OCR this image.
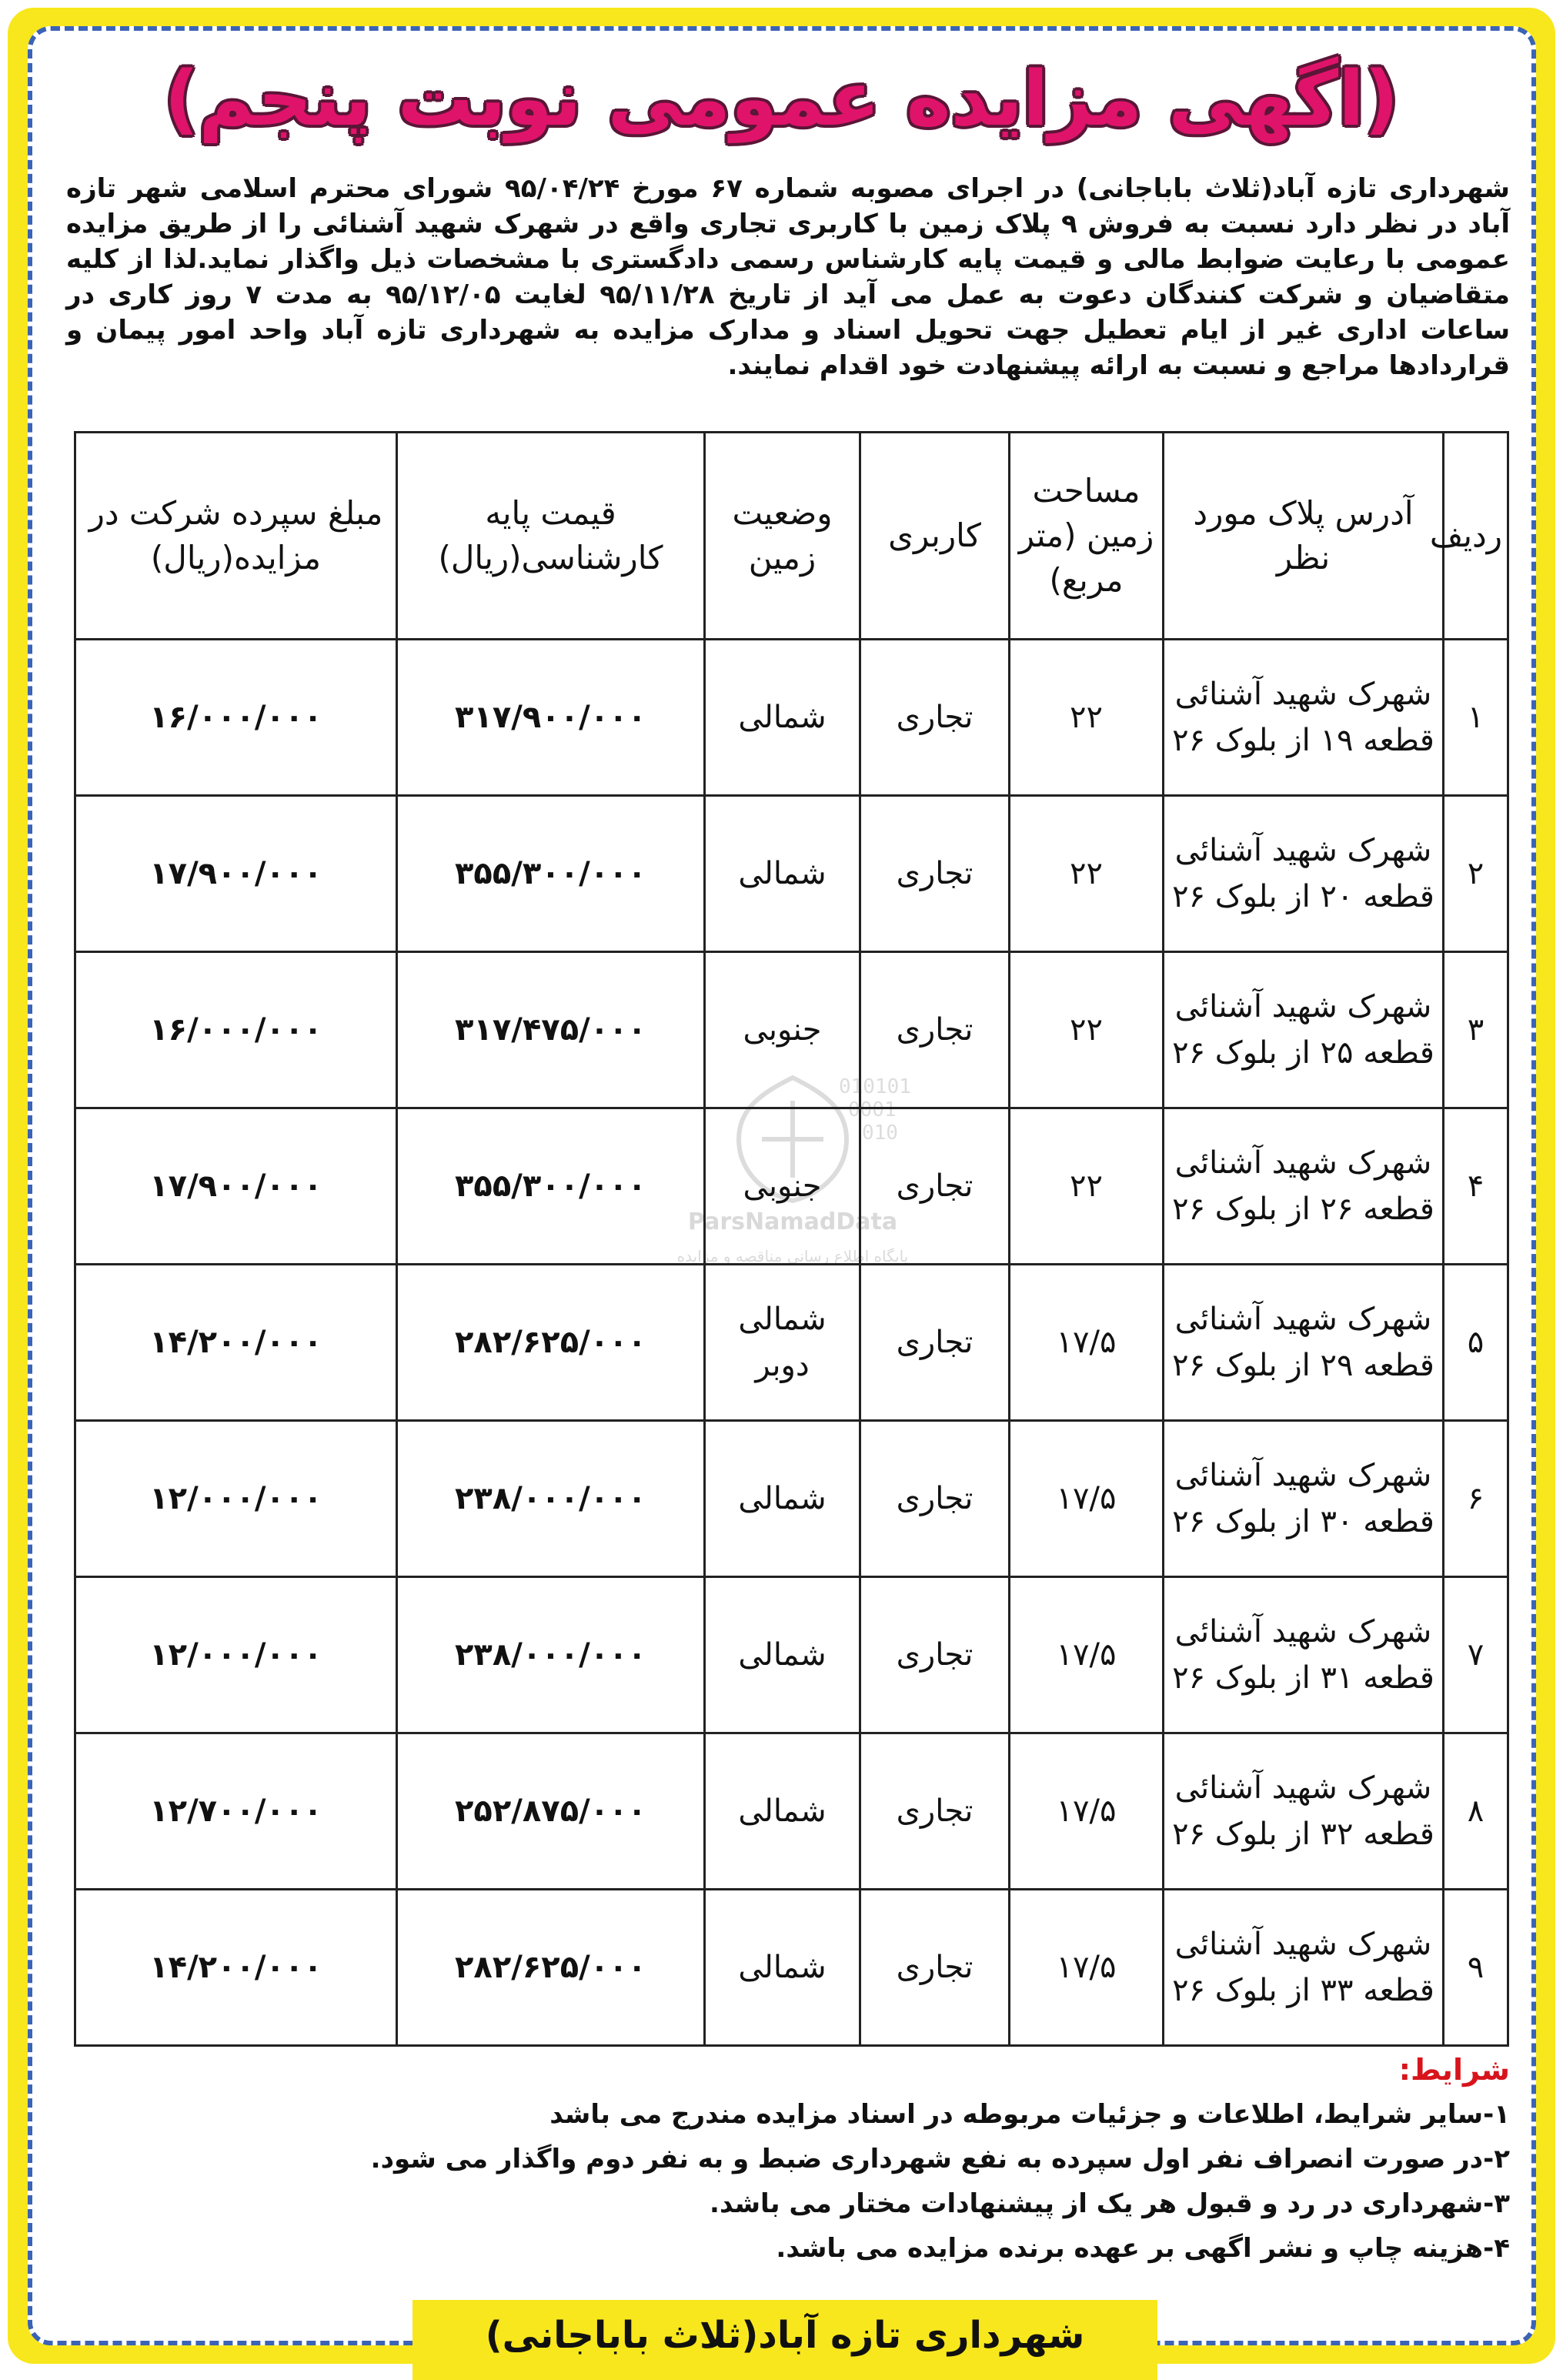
(اگهی مزایده عمومی نوبت پنجم)
شهرداری تازه آباد(ثلاث باباجانی) در اجرای مصوبه شماره ۶۷ مورخ ۹۵/۰۴/۲۴ شورای محترم اسلامی شهر تازه آباد در نظر دارد نسبت به فروش ۹ پلاک زمین با کاربری تجاری واقع در شهرک شهید آشنائی را از طریق مزایده عمومی با رعایت ضوابط مالی و قیمت پایه کارشناس رسمی دادگستری با مشخصات ذیل واگذار نماید.لذا از کلیه متقاضیان و شرکت کنندگان دعوت به عمل می آید از تاریخ ۹۵/۱۱/۲۸ لغایت ۹۵/۱۲/۰۵ به مدت ۷ روز کاری در ساعات اداری غیر از ایام تعطیل جهت تحویل اسناد و مدارک مزایده به شهرداری تازه آباد واحد امور پیمان و قراردادها مراجع و نسبت به ارائه پیشنهادت خود اقدام نمایند.
010101
0001
010
ParsNamadData
پایگاه اطلاع رسانی مناقصه و مزایده
ردیف	آدرس پلاک مورد نظر	مساحت زمین (متر مربع)	کاربری	وضعیت زمین	قیمت پایه کارشناسی(ریال)	مبلغ سپرده شرکت در مزایده(ریال)
۱	شهرک شهید آشنائی قطعه ۱۹ از بلوک ۲۶	۲۲	تجاری	شمالی	۳۱۷/۹۰۰/۰۰۰	۱۶/۰۰۰/۰۰۰
۲	شهرک شهید آشنائی قطعه ۲۰ از بلوک ۲۶	۲۲	تجاری	شمالی	۳۵۵/۳۰۰/۰۰۰	۱۷/۹۰۰/۰۰۰
۳	شهرک شهید آشنائی قطعه ۲۵ از بلوک ۲۶	۲۲	تجاری	جنوبی	۳۱۷/۴۷۵/۰۰۰	۱۶/۰۰۰/۰۰۰
۴	شهرک شهید آشنائی قطعه ۲۶ از بلوک ۲۶	۲۲	تجاری	جنوبی	۳۵۵/۳۰۰/۰۰۰	۱۷/۹۰۰/۰۰۰
۵	شهرک شهید آشنائی قطعه ۲۹ از بلوک ۲۶	۱۷/۵	تجاری	شمالی دوبر	۲۸۲/۶۲۵/۰۰۰	۱۴/۲۰۰/۰۰۰
۶	شهرک شهید آشنائی قطعه ۳۰ از بلوک ۲۶	۱۷/۵	تجاری	شمالی	۲۳۸/۰۰۰/۰۰۰	۱۲/۰۰۰/۰۰۰
۷	شهرک شهید آشنائی قطعه ۳۱ از بلوک ۲۶	۱۷/۵	تجاری	شمالی	۲۳۸/۰۰۰/۰۰۰	۱۲/۰۰۰/۰۰۰
۸	شهرک شهید آشنائی قطعه ۳۲ از بلوک ۲۶	۱۷/۵	تجاری	شمالی	۲۵۲/۸۷۵/۰۰۰	۱۲/۷۰۰/۰۰۰
۹	شهرک شهید آشنائی قطعه ۳۳ از بلوک ۲۶	۱۷/۵	تجاری	شمالی	۲۸۲/۶۲۵/۰۰۰	۱۴/۲۰۰/۰۰۰
شرایط:
۱-سایر شرایط، اطلاعات و جزئیات مربوطه در اسناد مزایده مندرج می باشد
۲-در صورت انصراف نفر اول سپرده به نفع شهرداری ضبط و به نفر دوم واگذار می شود.
۳-شهرداری در رد و قبول هر یک از پیشنهادات مختار می باشد.
۴-هزینه چاپ و نشر اگهی بر عهده برنده مزایده می باشد.
شهرداری تازه آباد(ثلاث باباجانی)
